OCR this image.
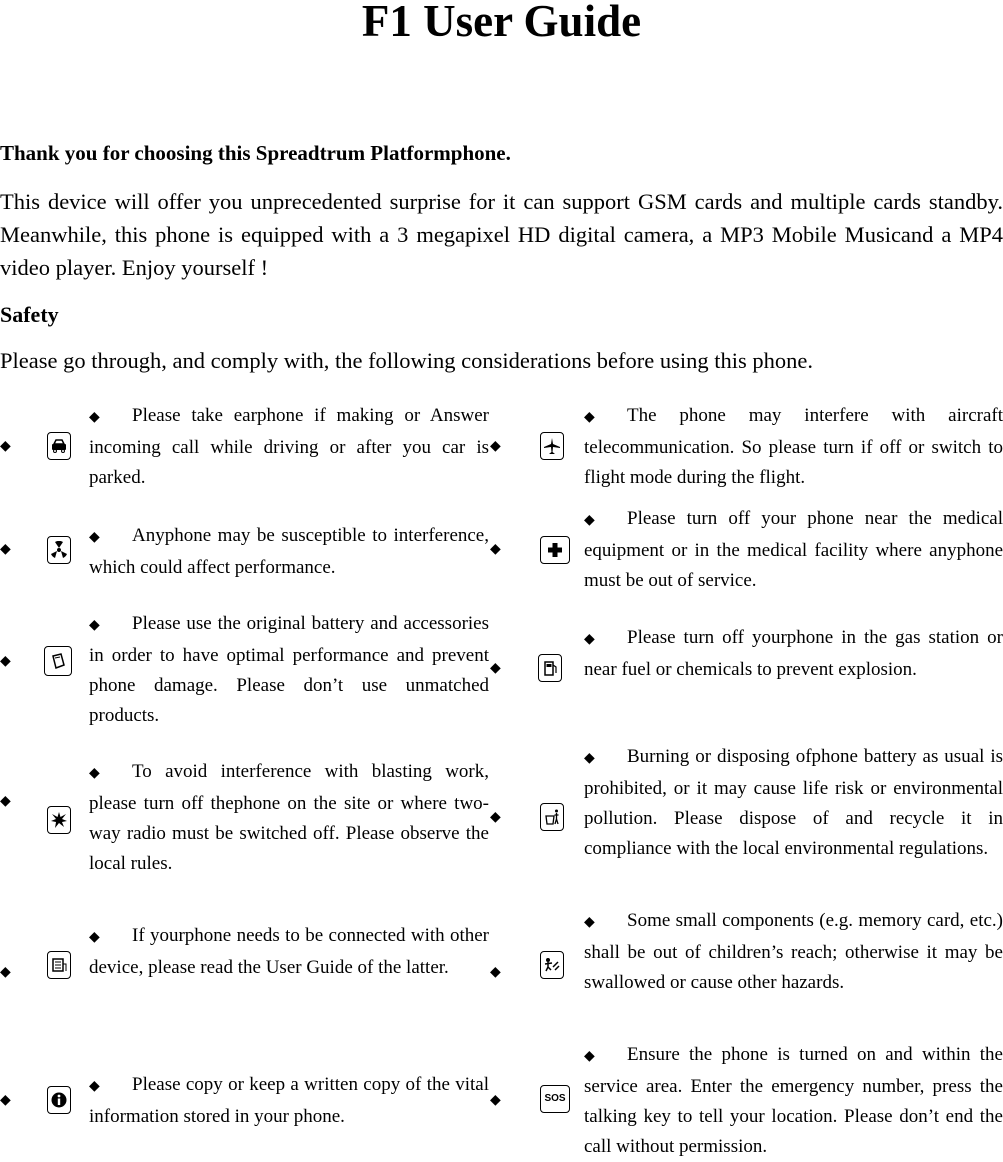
F1 User Guide

Thank you for choosing this Spreadtrum Platformphone.

This device will offer you unprecedented surprise for it can support GSM cards and multiple cards standby. Meanwhile, this phone is equipped with a 3 megapixel HD digital camera, a MP3 Mobile Musicand a MP4 video player. Enjoy yourself !

Safety

Please go through, and comply with, the following considerations before using this phone.

◆
◆ Please take earphone if making or Answer incoming call while driving or after you car is parked.
◆
◆ Anyphone may be susceptible to interference, which could affect performance.
◆
◆ Please use the original battery and accessories in order to have optimal performance and prevent phone damage. Please don’t use unmatched products.
◆
◆ To avoid interference with blasting work, please turn off thephone on the site or where two-way radio must be switched off. Please observe the local rules.
◆
◆ If yourphone needs to be connected with other device, please read the User Guide of the latter.
◆
◆ Please copy or keep a written copy of the vital information stored in your phone.
◆
◆ The phone may interfere with aircraft telecommunication. So please turn if off or switch to flight mode during the flight.
◆
◆ Please turn off your phone near the medical equipment or in the medical facility where anyphone must be out of service.
◆
◆ Please turn off yourphone in the gas station or near fuel or chemicals to prevent explosion.
◆
◆ Burning or disposing ofphone battery as usual is prohibited, or it may cause life risk or environmental pollution. Please dispose of and recycle it in compliance with the local environmental regulations.
◆
◆ Some small components (e.g. memory card, etc.) shall be out of children’s reach; otherwise it may be swallowed or cause other hazards.
◆	SOS
◆ Ensure the phone is turned on and within the service area. Enter the emergency number, press the talking key to tell your location. Please don’t end the call without permission.
